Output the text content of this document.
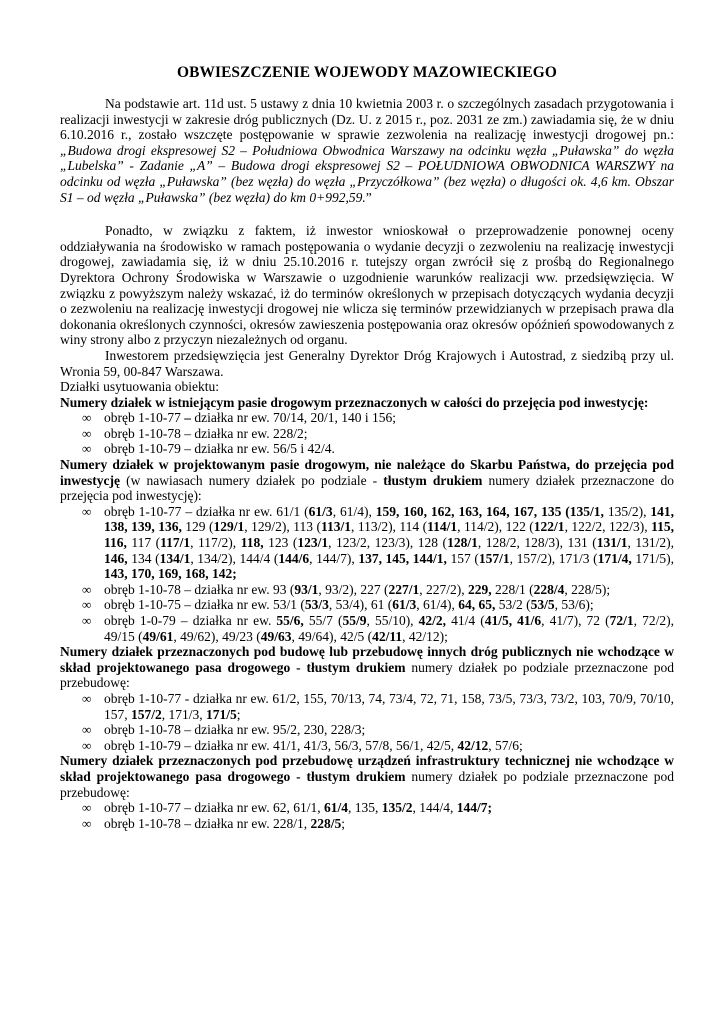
OBWIESZCZENIE WOJEWODY MAZOWIECKIEGO

Na podstawie art. 11d ust. 5 ustawy z dnia 10 kwietnia 2003 r. o szczególnych zasadach przygotowania i realizacji inwestycji w zakresie dróg publicznych (Dz. U. z 2015 r., poz. 2031 ze zm.) zawiadamia się, że w dniu 6.10.2016 r., zostało wszczęte postępowanie w sprawie zezwolenia na realizację inwestycji drogowej pn.: „Budowa drogi ekspresowej S2 – Południowa Obwodnica Warszawy na odcinku węzła „Puławska” do węzła „Lubelska” - Zadanie „A” – Budowa drogi ekspresowej S2 – POŁUDNIOWA OBWODNICA WARSZWY na odcinku od węzła „Puławska” (bez węzła) do węzła „Przyczółkowa” (bez węzła) o długości ok. 4,6 km. Obszar S1 – od węzła „Puławska” (bez węzła) do km 0+992,59.”

Ponadto, w związku z faktem, iż inwestor wnioskował o przeprowadzenie ponownej oceny oddziaływania na środowisko w ramach postępowania o wydanie decyzji o zezwoleniu na realizację inwestycji drogowej, zawiadamia się, iż w dniu 25.10.2016 r. tutejszy organ zwrócił się z prośbą do Regionalnego Dyrektora Ochrony Środowiska w Warszawie o uzgodnienie warunków realizacji ww. przedsięwzięcia. W związku z powyższym należy wskazać, iż do terminów określonych w przepisach dotyczących wydania decyzji o zezwoleniu na realizację inwestycji drogowej nie wlicza się terminów przewidzianych w przepisach prawa dla dokonania określonych czynności, okresów zawieszenia postępowania oraz okresów opóźnień spowodowanych z winy strony albo z przyczyn niezależnych od organu.

Inwestorem przedsięwzięcia jest Generalny Dyrektor Dróg Krajowych i Autostrad, z siedzibą przy ul. Wronia 59, 00-847 Warszawa.

Działki usytuowania obiektu:

Numery działek w istniejącym pasie drogowym przeznaczonych w całości do przejęcia pod inwestycję:

∞ obręb 1-10-77 – działka nr ew. 70/14, 20/1, 140 i 156;
∞ obręb 1-10-78 – działka nr ew. 228/2;
∞ obręb 1-10-79 – działka nr ew. 56/5 i 42/4.

Numery działek w projektowanym pasie drogowym, nie należące do Skarbu Państwa, do przejęcia pod inwestycję (w nawiasach numery działek po podziale - tłustym drukiem numery działek przeznaczone do przejęcia pod inwestycję):

∞ obręb 1-10-77 – działka nr ew. 61/1 (61/3, 61/4), 159, 160, 162, 163, 164, 167, 135 (135/1, 135/2), 141, 138, 139, 136, 129 (129/1, 129/2), 113 (113/1, 113/2), 114 (114/1, 114/2), 122 (122/1, 122/2, 122/3), 115, 116, 117 (117/1, 117/2), 118, 123 (123/1, 123/2, 123/3), 128 (128/1, 128/2, 128/3), 131 (131/1, 131/2), 146, 134 (134/1, 134/2), 144/4 (144/6, 144/7), 137, 145, 144/1, 157 (157/1, 157/2), 171/3 (171/4, 171/5), 143, 170, 169, 168, 142;
∞ obręb 1-10-78 – działka nr ew. 93 (93/1, 93/2), 227 (227/1, 227/2), 229, 228/1 (228/4, 228/5);
∞ obręb 1-10-75 – działka nr ew. 53/1 (53/3, 53/4), 61 (61/3, 61/4), 64, 65, 53/2 (53/5, 53/6);
∞ obręb 1-0-79 – działka nr ew. 55/6, 55/7 (55/9, 55/10), 42/2, 41/4 (41/5, 41/6, 41/7), 72 (72/1, 72/2), 49/15 (49/61, 49/62), 49/23 (49/63, 49/64), 42/5 (42/11, 42/12);

Numery działek przeznaczonych pod budowę lub przebudowę innych dróg publicznych nie wchodzące w skład projektowanego pasa drogowego - tłustym drukiem numery działek po podziale przeznaczone pod przebudowę:

∞ obręb 1-10-77 - działka nr ew. 61/2, 155, 70/13, 74, 73/4, 72, 71, 158, 73/5, 73/3, 73/2, 103, 70/9, 70/10, 157, 157/2, 171/3, 171/5;
∞ obręb 1-10-78 – działka nr ew. 95/2, 230, 228/3;
∞ obręb 1-10-79 – działka nr ew. 41/1, 41/3, 56/3, 57/8, 56/1, 42/5, 42/12, 57/6;

Numery działek przeznaczonych pod przebudowę urządzeń infrastruktury technicznej nie wchodzące w skład projektowanego pasa drogowego - tłustym drukiem numery działek po podziale przeznaczone pod przebudowę:

∞ obręb 1-10-77 – działka nr ew. 62, 61/1, 61/4, 135, 135/2, 144/4, 144/7;
∞ obręb 1-10-78 – działka nr ew. 228/1, 228/5;
